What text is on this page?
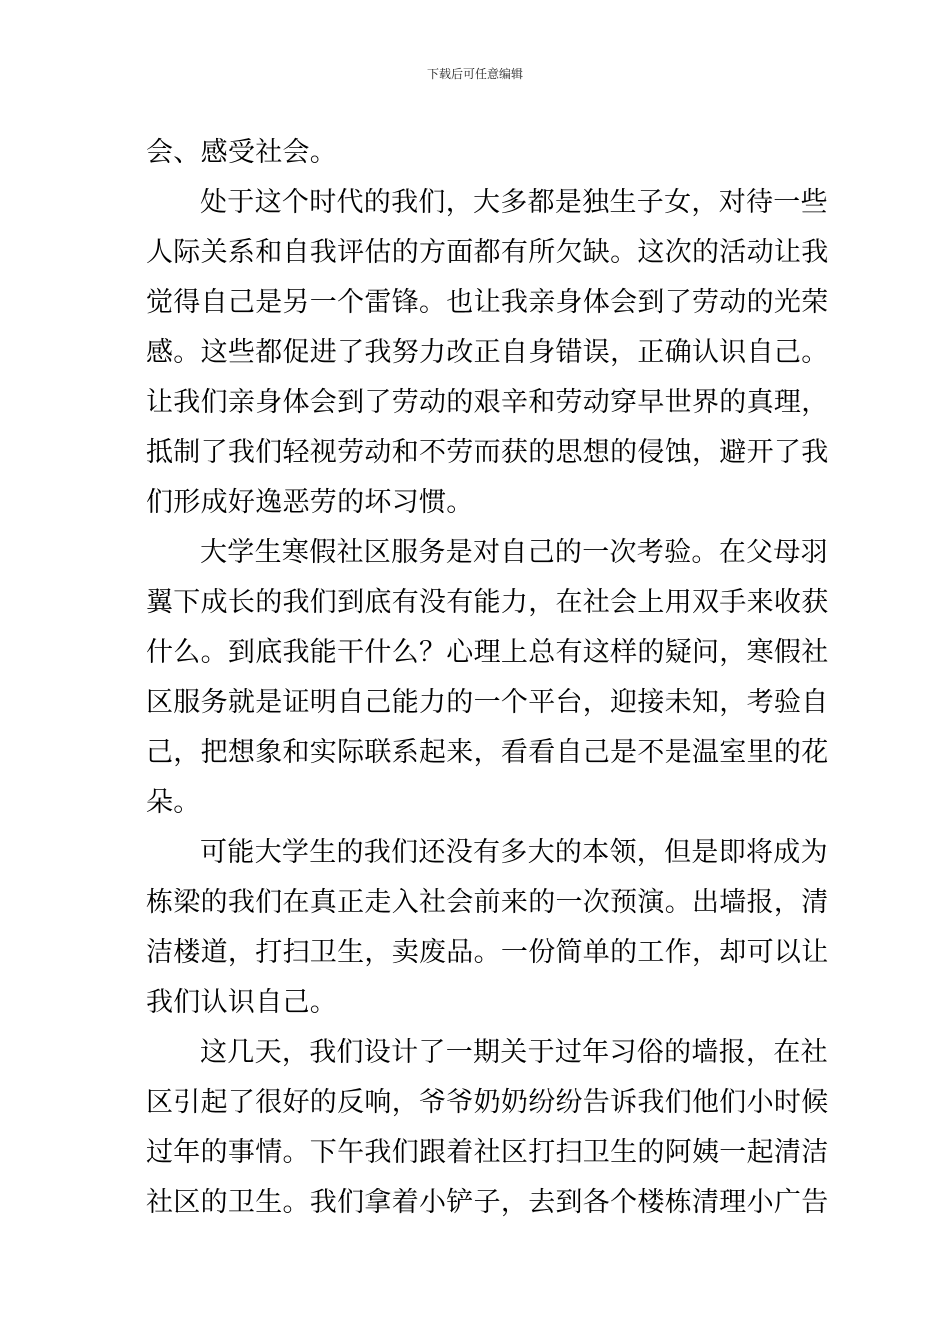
下载后可任意编辑
会、感受社会。
处于这个时代的我们，大多都是独生子女，对待一些
人际关系和自我评估的方面都有所欠缺。这次的活动让我
觉得自己是另一个雷锋。也让我亲身体会到了劳动的光荣
感。这些都促进了我努力改正自身错误，正确认识自己。
让我们亲身体会到了劳动的艰辛和劳动穿早世界的真理，
抵制了我们轻视劳动和不劳而获的思想的侵蚀，避开了我
们形成好逸恶劳的坏习惯。
大学生寒假社区服务是对自己的一次考验。在父母羽
翼下成长的我们到底有没有能力，在社会上用双手来收获
什么。到底我能干什么？心理上总有这样的疑问，寒假社
区服务就是证明自己能力的一个平台，迎接未知，考验自
己，把想象和实际联系起来，看看自己是不是温室里的花
朵。
可能大学生的我们还没有多大的本领，但是即将成为
栋梁的我们在真正走入社会前来的一次预演。出墙报，清
洁楼道，打扫卫生，卖废品。一份简单的工作，却可以让
我们认识自己。
这几天，我们设计了一期关于过年习俗的墙报，在社
区引起了很好的反响，爷爷奶奶纷纷告诉我们他们小时候
过年的事情。下午我们跟着社区打扫卫生的阿姨一起清洁
社区的卫生。我们拿着小铲子，去到各个楼栋清理小广告
